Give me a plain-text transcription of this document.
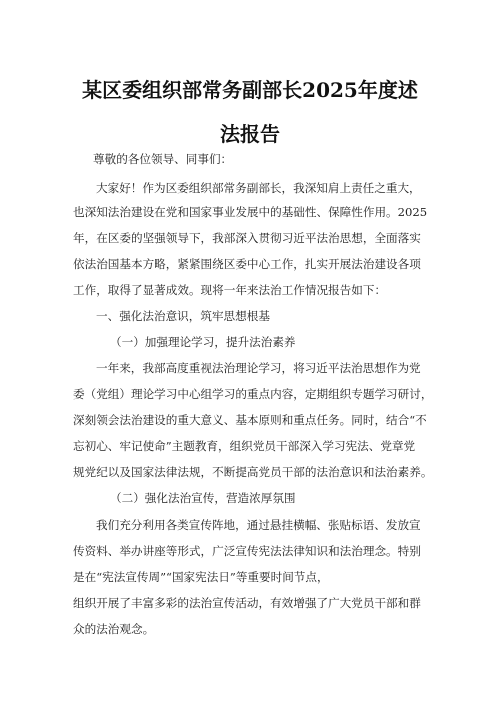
某区委组织部常务副部长2025年度述
法报告
尊敬的各位领导、同事们：
大家好！作为区委组织部常务副部长，我深知肩上责任之重大，
也深知法治建设在党和国家事业发展中的基础性、保障性作用。2025
年，在区委的坚强领导下，我部深入贯彻习近平法治思想，全面落实
依法治国基本方略，紧紧围绕区委中心工作，扎实开展法治建设各项
工作，取得了显著成效。现将一年来法治工作情况报告如下：
一、强化法治意识，筑牢思想根基
（一）加强理论学习，提升法治素养
一年来，我部高度重视法治理论学习，将习近平法治思想作为党
委（党组）理论学习中心组学习的重点内容，定期组织专题学习研讨，
深刻领会法治建设的重大意义、基本原则和重点任务。同时，结合“不
忘初心、牢记使命”主题教育，组织党员干部深入学习宪法、党章党
规党纪以及国家法律法规，不断提高党员干部的法治意识和法治素养。
（二）强化法治宣传，营造浓厚氛围
我们充分利用各类宣传阵地，通过悬挂横幅、张贴标语、发放宣
传资料、举办讲座等形式，广泛宣传宪法法律知识和法治理念。特别
是在“宪法宣传周”“国家宪法日”等重要时间节点，
组织开展了丰富多彩的法治宣传活动，有效增强了广大党员干部和群
众的法治观念。
